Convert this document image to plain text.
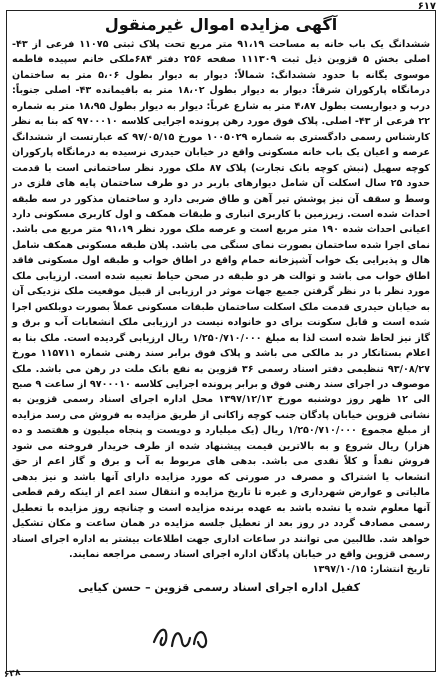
۶۱۷
آگهی مزایده اموال غیرمنقول

ششدانگ یک باب خانه به مساحت ۹۱،۱۹ متر مربع تحت پلاک ثبتی ۱۱۰۷۵ فرعی از ۴۳- اصلی بخش ۵ قزوین ذیل ثبت ۱۱۱۳۰۹ صفحه ۲۵۶ دفتر ۶۸۴ملکی خانم سپیده فاطمه موسوی یگانه با حدود ششدانگ: شمالاً: دیوار به دیوار بطول ۵،۰۶ متر به ساختمان درمانگاه پارکوران شرقاً: دیوار به دیوار بطول ۱۸،۰۲ متر به باقیمانده ۴۳- اصلی جنوباً: درب و دیواریست بطول ۴،۸۷ متر به شارع غرباً: دیوار به دیوار بطول ۱۸،۹۵ متر به شماره ۲۲ فرعی از ۴۳- اصلی. پلاک فوق مورد رهن پرونده اجرایی کلاسه ۹۷۰۰۰۱۰ که بنا به نظر کارشناس رسمی دادگستری به شماره ۱۰۰۵۰۲۹ مورخ ۹۷/۰۵/۱۵ که عبارتست از ششدانگ عرصه و اعیان یک باب خانه مسکونی واقع در خیابان حیدری نرسیده به درمانگاه پارکوران کوچه سهیل (نبش کوچه بانک تجارت) پلاک ۸۷ ملک مورد نظر ساختمانی است با قدمت حدود ۲۵ سال اسکلت آن شامل دیوارهای باربر در دو طرف ساختمان پایه های فلزی در وسط و سقف آن نیز پوشش تیر آهن و طاق ضربی دارد و ساختمان مذکور در سه طبقه احداث شده است. زیرزمین با کاربری انباری و طبقات همکف و اول کاربری مسکونی دارد اعیانی احداث شده ۱۹۰ متر مربع است و عرصه ملک مورد نظر ۹۱،۱۹ متر مربع می باشد. نمای اجرا شده ساختمان بصورت نمای سنگی می باشد. پلان طبقه مسکونی همکف شامل هال و پذیرایی یک خواب آشپزخانه حمام واقع در اطاق خواب و طبقه اول مسکونی فاقد اطاق خواب می باشد و توالت هر دو طبقه در صحن حیاط تعبیه شده است. ارزیابی ملک مورد نظر با در نظر گرفتن جمیع جهات موثر در ارزیابی از قبیل موقعیت ملک نزدیکی آن به خیابان حیدری قدمت ملک اسکلت ساختمان طبقات مسکونی عملاً بصورت دوبلکس اجرا شده است و قابل سکونت برای دو خانواده نیست در ارزیابی ملک انشعابات آب و برق و گاز نیز لحاظ شده است لذا به مبلغ ۱/۲۵۰/۷۱۰/۰۰۰ ریال ارزیابی گردیده است. ملک بنا به اعلام بستانکار در بد مالکی می باشد و پلاک فوق برابر سند رهنی شماره ۱۱۵۷۱۱ مورخ ۹۳/۰۸/۲۷ تنظیمی دفتر اسناد رسمی ۳۶ قزوین به نفع بانک ملت در رهن می باشد. ملک موصوف در اجرای سند رهنی فوق و برابر پرونده اجرایی کلاسه ۹۷۰۰۰۱۰ از ساعت ۹ صبح الی ۱۲ ظهر روز دوشنبه مورخ ۱۳۹۷/۱۲/۱۳ محل اداره اجرای اسناد رسمی قزوین به نشانی قزوین خیابان پادگان جنب کوچه زاکانی از طریق مزایده به فروش می رسد مزایده از مبلغ مجموع ۱/۲۵۰/۷۱۰/۰۰۰ ریال (یک میلیارد و دویست و پنجاه میلیون و هفتصد و ده هزار) ریال شروع و به بالاترین قیمت پیشنهاد شده از طرف خریدار فروخته می شود فروش نقداً و کلاً نقدی می باشد. بدهی های مربوط به آب و برق و گاز اعم از حق انشعاب یا اشتراک و مصرف در صورتی که مورد مزایده دارای آنها باشد و نیز بدهی مالیاتی و عوارض شهرداری و غیره تا تاریخ مزایده و انتقال سند اعم از اینکه رقم قطعی آنها معلوم شده یا نشده باشد به عهده برنده مزایده است و چنانچه روز مزایده با تعطیل رسمی مصادف گردد در روز بعد از تعطیل جلسه مزایده در همان ساعت و مکان تشکیل خواهد شد. طالبین می توانند در ساعات اداری جهت اطلاعات بیشتر به اداره اجرای اسناد رسمی قزوین واقع در خیابان پادگان اداره اجرای اسناد رسمی مراجعه نمایند.

تاریخ انتشار: ۱۳۹۷/۱۰/۱۵

کفیل اداره اجرای اسناد رسمی قزوین – حسن کیایی

۶۳۸
